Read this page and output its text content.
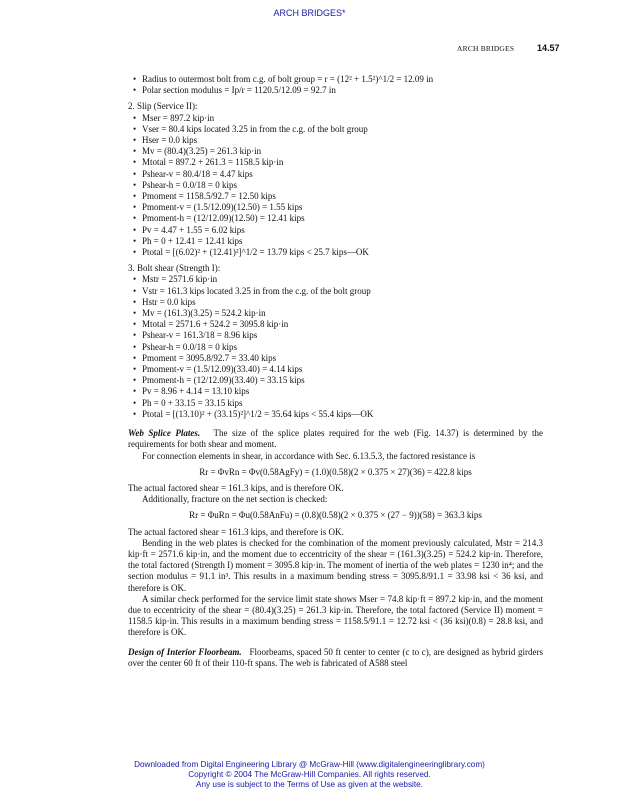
ARCH BRIDGES*
ARCH BRIDGES	14.57
• Radius to outermost bolt from c.g. of bolt group = r = (12² + 1.5²)^1/2 = 12.09 in
• Polar section modulus = Ip/r = 1120.5/12.09 = 92.7 in
2. Slip (Service II):
• Mser = 897.2 kip·in
• Vser = 80.4 kips located 3.25 in from the c.g. of the bolt group
• Hser = 0.0 kips
• Mv = (80.4)(3.25) = 261.3 kip·in
• Mtotal = 897.2 + 261.3 = 1158.5 kip·in
• Pshear-v = 80.4/18 = 4.47 kips
• Pshear-h = 0.0/18 = 0 kips
• Pmoment = 1158.5/92.7 = 12.50 kips
• Pmoment-v = (1.5/12.09)(12.50) = 1.55 kips
• Pmoment-h = (12/12.09)(12.50) = 12.41 kips
• Pv = 4.47 + 1.55 = 6.02 kips
• Ph = 0 + 12.41 = 12.41 kips
• Ptotal = [(6.02)² + (12.41)²]^1/2 = 13.79 kips < 25.7 kips—OK
3. Bolt shear (Strength I):
• Mstr = 2571.6 kip·in
• Vstr = 161.3 kips located 3.25 in from the c.g. of the bolt group
• Hstr = 0.0 kips
• Mv = (161.3)(3.25) = 524.2 kip·in
• Mtotal = 2571.6 + 524.2 = 3095.8 kip·in
• Pshear-v = 161.3/18 = 8.96 kips
• Pshear-h = 0.0/18 = 0 kips
• Pmoment = 3095.8/92.7 = 33.40 kips
• Pmoment-v = (1.5/12.09)(33.40) = 4.14 kips
• Pmoment-h = (12/12.09)(33.40) = 33.15 kips
• Pv = 8.96 + 4.14 = 13.10 kips
• Ph = 0 + 33.15 = 33.15 kips
• Ptotal = [(13.10)² + (33.15)²]^1/2 = 35.64 kips < 55.4 kips—OK
Web Splice Plates. The size of the splice plates required for the web (Fig. 14.37) is determined by the requirements for both shear and moment.
For connection elements in shear, in accordance with Sec. 6.13.5.3, the factored resistance is
Rr = ΦvRn = Φv(0.58AgFy) = (1.0)(0.58)(2 × 0.375 × 27)(36) = 422.8 kips
The actual factored shear = 161.3 kips, and is therefore OK.
Additionally, fracture on the net section is checked:
Rr = ΦuRn = Φu(0.58AnFu) = (0.8)(0.58)(2 × 0.375 × (27 − 9))(58) = 363.3 kips
The actual factored shear = 161.3 kips, and therefore is OK.
Bending in the web plates is checked for the combination of the moment previously calculated, Mstr = 214.3 kip·ft = 2571.6 kip·in, and the moment due to eccentricity of the shear = (161.3)(3.25) = 524.2 kip·in. Therefore, the total factored (Strength I) moment = 3095.8 kip·in. The moment of inertia of the web plates = 1230 in⁴; and the section modulus = 91.1 in³. This results in a maximum bending stress = 3095.8/91.1 = 33.98 ksi < 36 ksi, and therefore is OK.
A similar check performed for the service limit state shows Mser = 74.8 kip·ft = 897.2 kip·in, and the moment due to eccentricity of the shear = (80.4)(3.25) = 261.3 kip·in. Therefore, the total factored (Service II) moment = 1158.5 kip·in. This results in a maximum bending stress = 1158.5/91.1 = 12.72 ksi < (36 ksi)(0.8) = 28.8 ksi, and therefore is OK.
Design of Interior Floorbeam. Floorbeams, spaced 50 ft center to center (c to c), are designed as hybrid girders over the center 60 ft of their 110-ft spans. The web is fabricated of A588 steel
Downloaded from Digital Engineering Library @ McGraw-Hill (www.digitalengineeringlibrary.com)
Copyright © 2004 The McGraw-Hill Companies. All rights reserved.
Any use is subject to the Terms of Use as given at the website.
